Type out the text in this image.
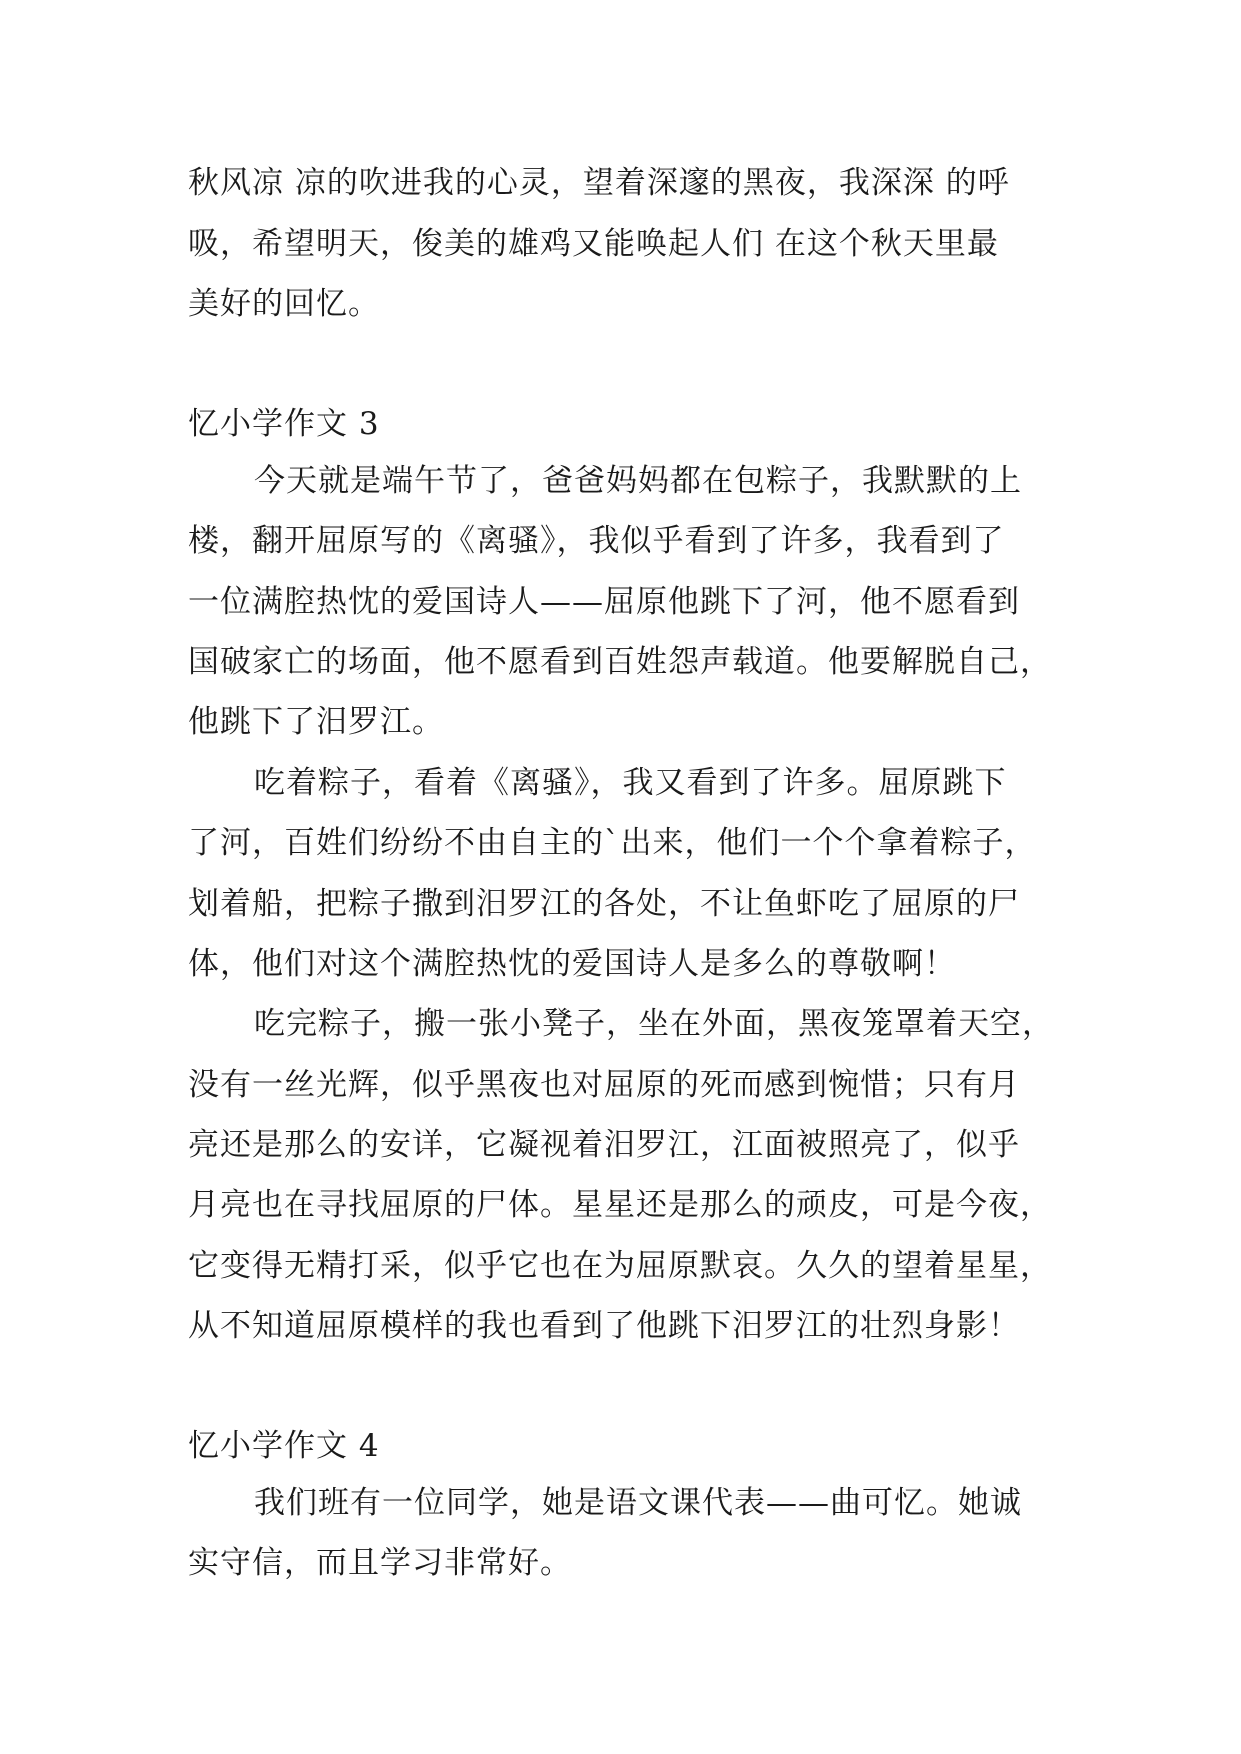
秋风凉 凉的吹进我的心灵，望着深邃的黑夜，我深深 的呼
吸，希望明天，俊美的雄鸡又能唤起人们 在这个秋天里最
美好的回忆。
忆小学作文 3
今天就是端午节了，爸爸妈妈都在包粽子，我默默的上
楼，翻开屈原写的《离骚》，我似乎看到了许多，我看到了
一位满腔热忱的爱国诗人——屈原他跳下了河，他不愿看到
国破家亡的场面，他不愿看到百姓怨声载道。他要解脱自己，
他跳下了汨罗江。
吃着粽子，看着《离骚》，我又看到了许多。屈原跳下
了河，百姓们纷纷不由自主的`出来，他们一个个拿着粽子，
划着船，把粽子撒到汨罗江的各处，不让鱼虾吃了屈原的尸
体，他们对这个满腔热忱的爱国诗人是多么的尊敬啊！
吃完粽子，搬一张小凳子，坐在外面，黑夜笼罩着天空，
没有一丝光辉，似乎黑夜也对屈原的死而感到惋惜；只有月
亮还是那么的安详，它凝视着汨罗江，江面被照亮了，似乎
月亮也在寻找屈原的尸体。星星还是那么的顽皮，可是今夜，
它变得无精打采，似乎它也在为屈原默哀。久久的望着星星，
从不知道屈原模样的我也看到了他跳下汨罗江的壮烈身影！
忆小学作文 4
我们班有一位同学，她是语文课代表——曲可忆。她诚
实守信，而且学习非常好。
